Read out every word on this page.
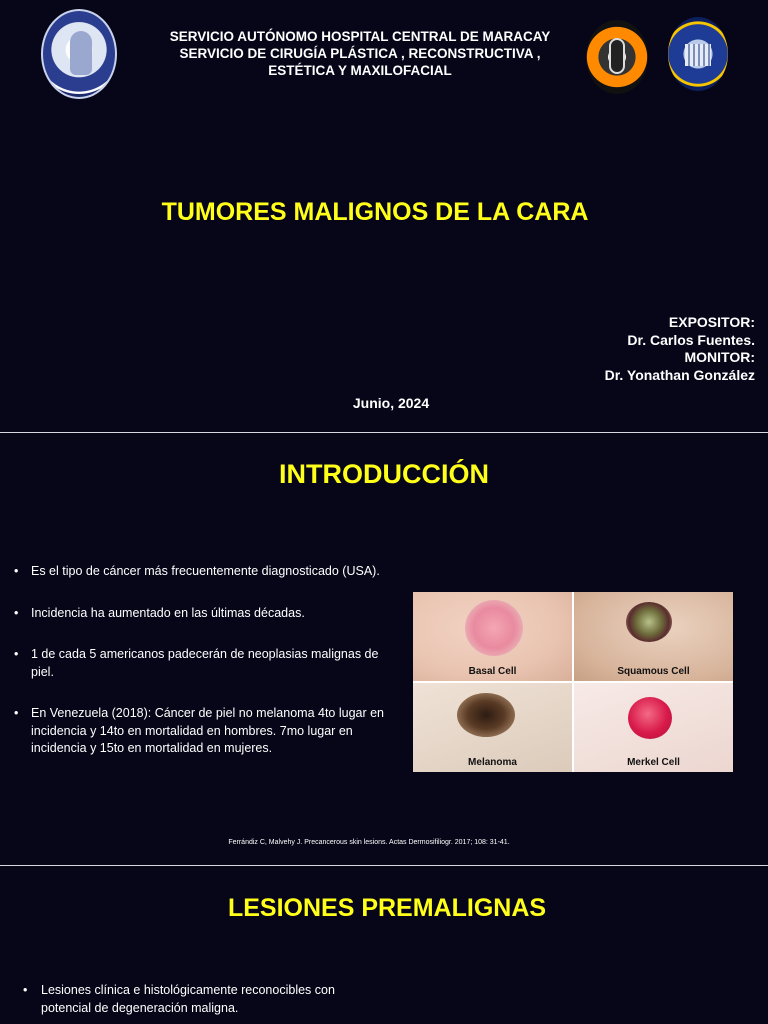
SERVICIO AUTÓNOMO HOSPITAL CENTRAL DE MARACAY
SERVICIO DE CIRUGÍA PLÁSTICA , RECONSTRUCTIVA ,
ESTÉTICA Y MAXILOFACIAL
TUMORES MALIGNOS DE LA CARA
EXPOSITOR:
Dr. Carlos Fuentes.
MONITOR:
Dr. Yonathan González
Junio, 2024
INTRODUCCIÓN
• Es el tipo de cáncer más frecuentemente diagnosticado (USA).
• Incidencia ha aumentado en las últimas décadas.
• 1 de cada 5 americanos padecerán de neoplasias malignas de piel.
• En Venezuela (2018): Cáncer de piel no melanoma 4to lugar en incidencia y 14to en mortalidad en hombres. 7mo lugar en incidencia y 15to en mortalidad en mujeres.
Basal Cell	Squamous Cell
Melanoma	Merkel Cell
Ferrándiz C, Malvehy J. Precancerous skin lesions. Actas Dermosifiliogr. 2017; 108: 31-41.
LESIONES PREMALIGNAS
• Lesiones clínica e histológicamente reconocibles con potencial de degeneración maligna.
